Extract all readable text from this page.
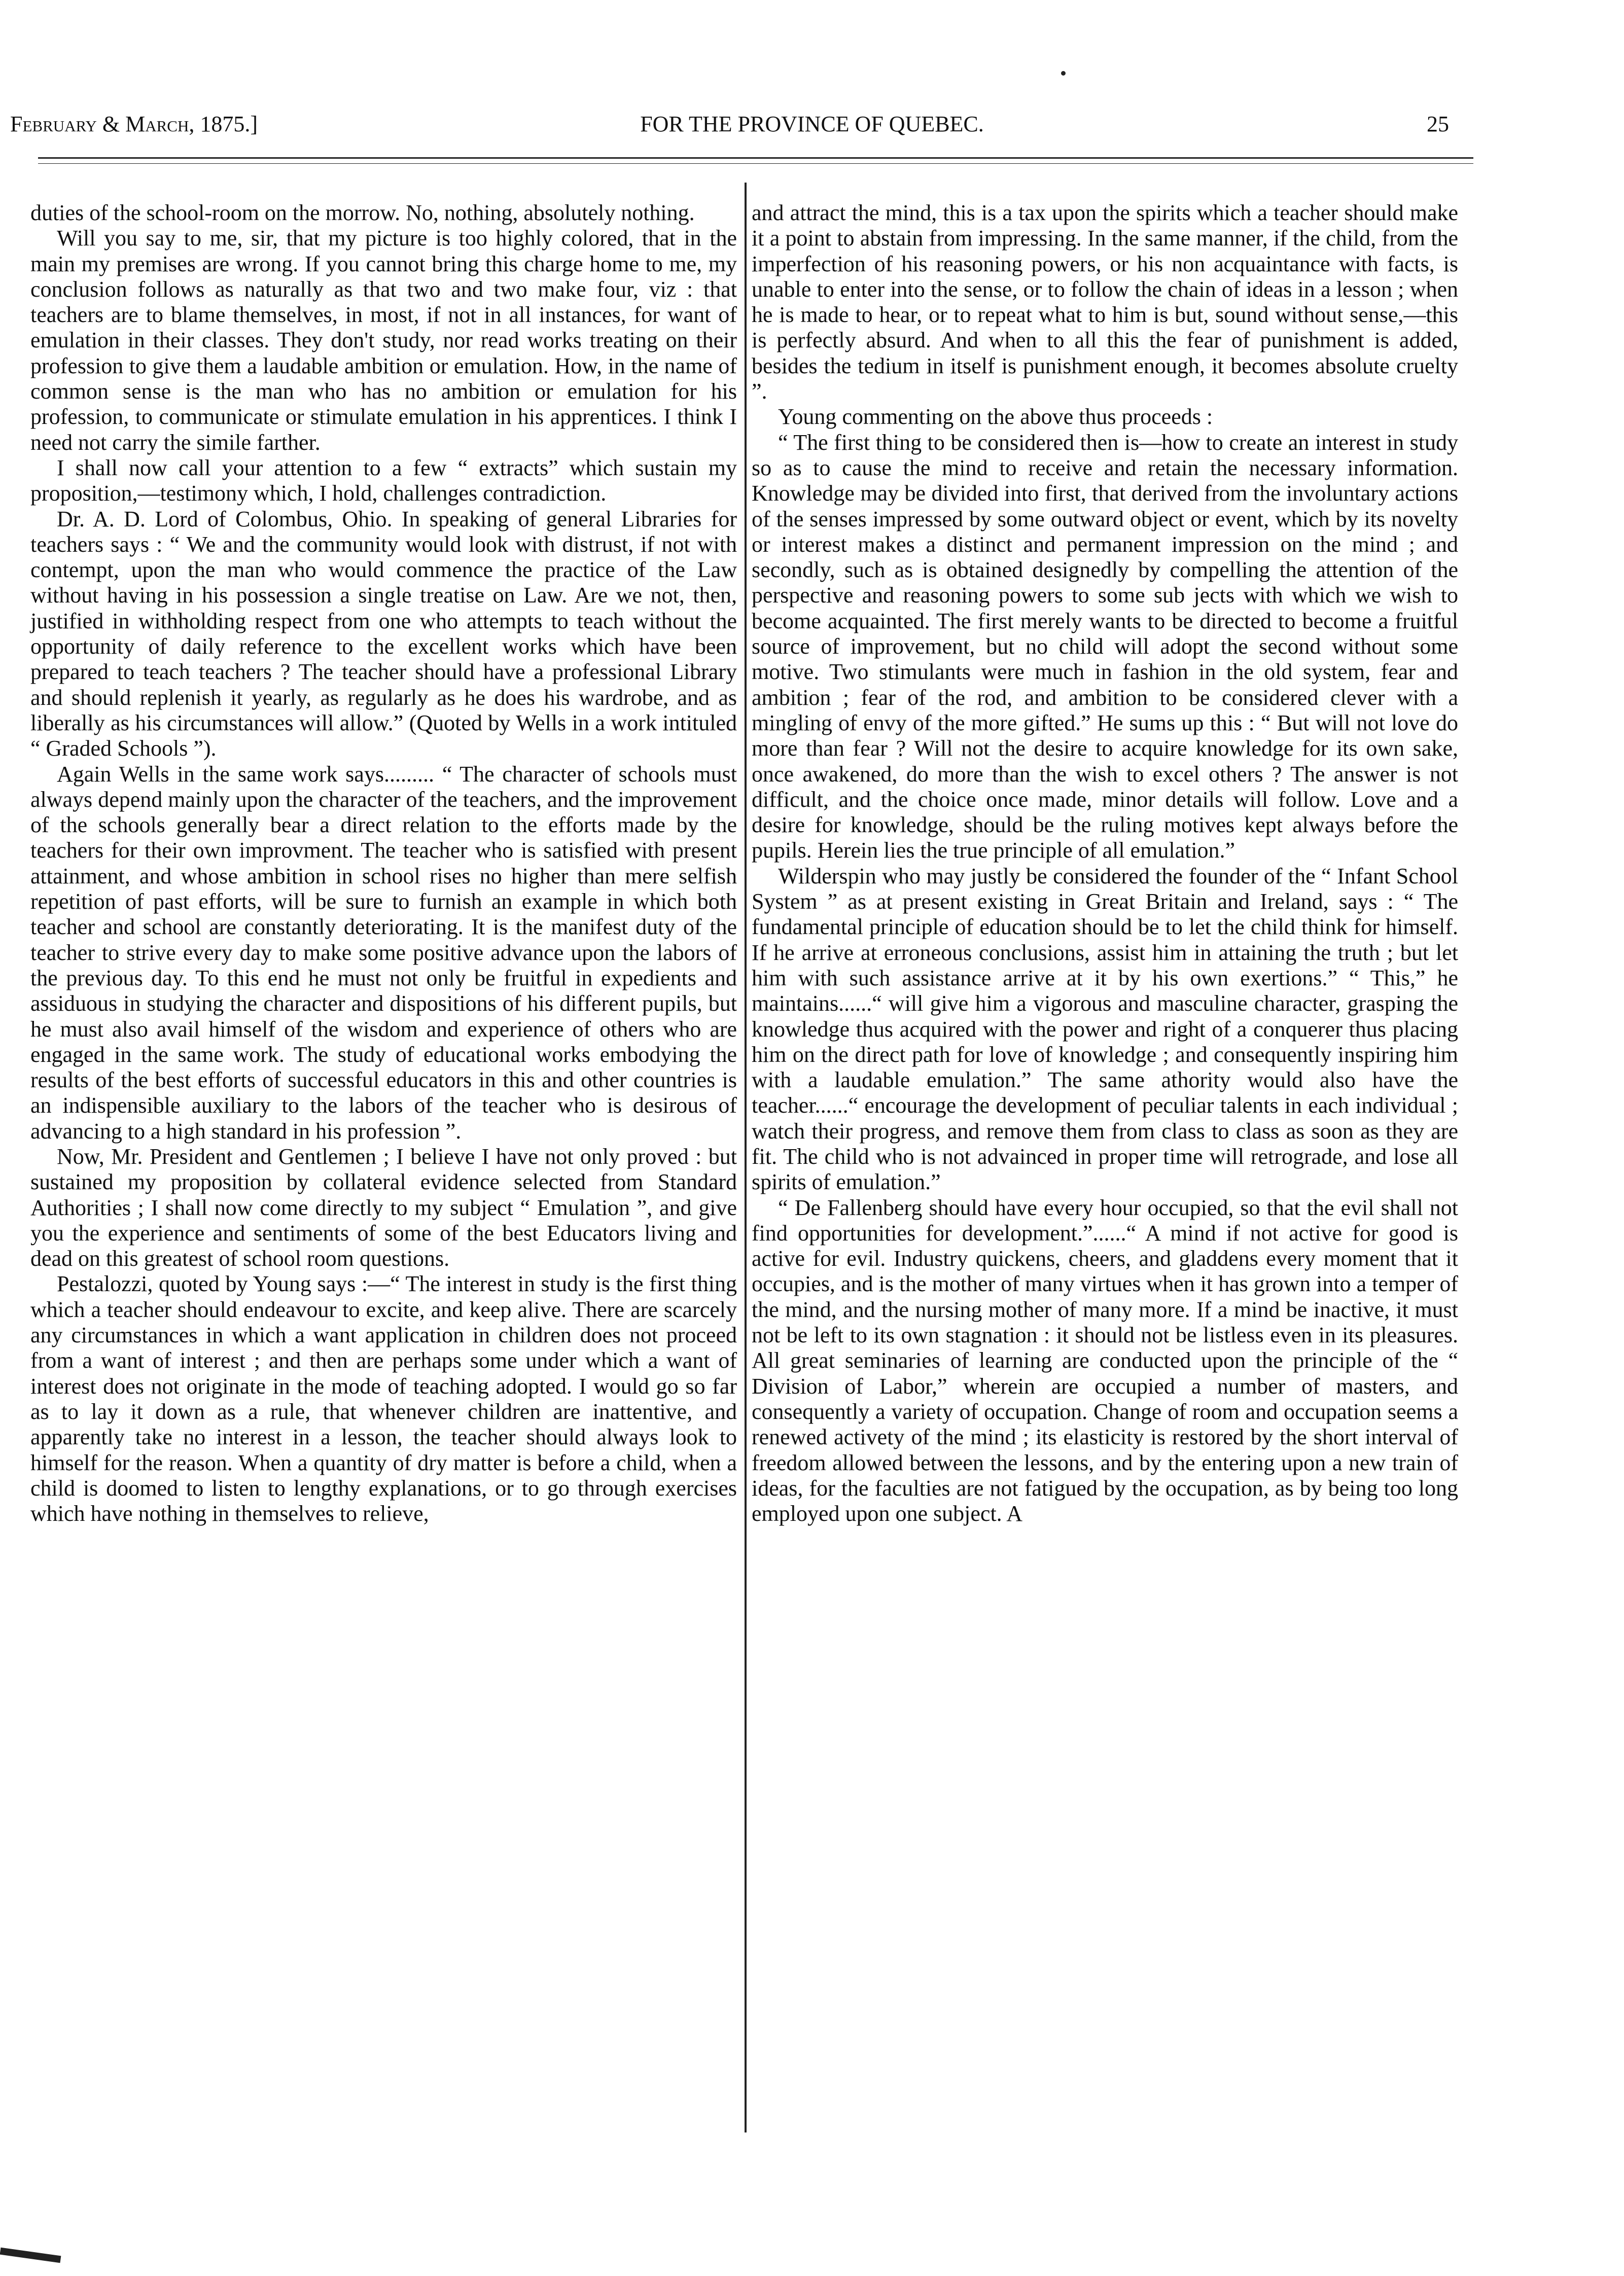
February & March, 1875.]	FOR THE PROVINCE OF QUEBEC.	25

duties of the school-room on the morrow. No, nothing, absolutely nothing.

Will you say to me, sir, that my picture is too highly colored, that in the main my premises are wrong. If you cannot bring this charge home to me, my conclusion follows as naturally as that two and two make four, viz : that teachers are to blame themselves, in most, if not in all instances, for want of emulation in their classes. They don't study, nor read works treating on their profession to give them a laudable ambition or emulation. How, in the name of common sense is the man who has no ambition or emulation for his profession, to communicate or stimulate emulation in his apprentices. I think I need not carry the simile farther.

I shall now call your attention to a few “ extracts” which sustain my proposition,—testimony which, I hold, challenges contradiction.

Dr. A. D. Lord of Colombus, Ohio. In speaking of general Libraries for teachers says : “ We and the community would look with distrust, if not with contempt, upon the man who would commence the practice of the Law without having in his possession a single treatise on Law. Are we not, then, justified in withholding respect from one who attempts to teach without the opportunity of daily reference to the excellent works which have been prepared to teach teachers ? The teacher should have a professional Library and should replenish it yearly, as regularly as he does his wardrobe, and as liberally as his circumstances will allow.” (Quoted by Wells in a work intituled “ Graded Schools ”).

Again Wells in the same work says......... “ The character of schools must always depend mainly upon the character of the teachers, and the improvement of the schools generally bear a direct relation to the efforts made by the teachers for their own improvment. The teacher who is satisfied with present attainment, and whose ambition in school rises no higher than mere selfish repetition of past efforts, will be sure to furnish an example in which both teacher and school are constantly deteriorating. It is the manifest duty of the teacher to strive every day to make some positive advance upon the labors of the previous day. To this end he must not only be fruitful in expedients and assiduous in studying the character and dispositions of his different pupils, but he must also avail himself of the wisdom and experience of others who are engaged in the same work. The study of educational works embodying the results of the best efforts of successful educators in this and other countries is an indispensible auxiliary to the labors of the teacher who is desirous of advancing to a high standard in his profession ”.

Now, Mr. President and Gentlemen ; I believe I have not only proved : but sustained my proposition by collateral evidence selected from Standard Authorities ; I shall now come directly to my subject “ Emulation ”, and give you the experience and sentiments of some of the best Educators living and dead on this greatest of school room questions.

Pestalozzi, quoted by Young says :—“ The interest in study is the first thing which a teacher should endeavour to excite, and keep alive. There are scarcely any circumstances in which a want application in children does not proceed from a want of interest ; and then are perhaps some under which a want of interest does not originate in the mode of teaching adopted. I would go so far as to lay it down as a rule, that whenever children are inattentive, and apparently take no interest in a lesson, the teacher should always look to himself for the reason. When a quantity of dry matter is before a child, when a child is doomed to listen to lengthy explanations, or to go through exercises which have nothing in themselves to relieve,

and attract the mind, this is a tax upon the spirits which a teacher should make it a point to abstain from impressing. In the same manner, if the child, from the imperfection of his reasoning powers, or his non acquaintance with facts, is unable to enter into the sense, or to follow the chain of ideas in a lesson ; when he is made to hear, or to repeat what to him is but, sound without sense,—this is perfectly absurd. And when to all this the fear of punishment is added, besides the tedium in itself is punishment enough, it becomes absolute cruelty ”.

Young commenting on the above thus proceeds :

“ The first thing to be considered then is—how to create an interest in study so as to cause the mind to receive and retain the necessary information. Knowledge may be divided into first, that derived from the involuntary actions of the senses impressed by some outward object or event, which by its novelty or interest makes a distinct and permanent impression on the mind ; and secondly, such as is obtained designedly by compelling the attention of the perspective and reasoning powers to some sub jects with which we wish to become acquainted. The first merely wants to be directed to become a fruitful source of improvement, but no child will adopt the second without some motive. Two stimulants were much in fashion in the old system, fear and ambition ; fear of the rod, and ambition to be considered clever with a mingling of envy of the more gifted.” He sums up this : “ But will not love do more than fear ? Will not the desire to acquire knowledge for its own sake, once awakened, do more than the wish to excel others ? The answer is not difficult, and the choice once made, minor details will follow. Love and a desire for knowledge, should be the ruling motives kept always before the pupils. Herein lies the true principle of all emulation.”

Wilderspin who may justly be considered the founder of the “ Infant School System ” as at present existing in Great Britain and Ireland, says : “ The fundamental principle of education should be to let the child think for himself. If he arrive at erroneous conclusions, assist him in attaining the truth ; but let him with such assistance arrive at it by his own exertions.” “ This,” he maintains......“ will give him a vigorous and masculine character, grasping the knowledge thus acquired with the power and right of a conquerer thus placing him on the direct path for love of knowledge ; and consequently inspiring him with a laudable emulation.” The same athority would also have the teacher......“ encourage the development of peculiar talents in each individual ; watch their progress, and remove them from class to class as soon as they are fit. The child who is not advainced in proper time will retrograde, and lose all spirits of emulation.”

“ De Fallenberg should have every hour occupied, so that the evil shall not find opportunities for development.”......“ A mind if not active for good is active for evil. Industry quickens, cheers, and gladdens every moment that it occupies, and is the mother of many virtues when it has grown into a temper of the mind, and the nursing mother of many more. If a mind be inactive, it must not be left to its own stagnation : it should not be listless even in its pleasures. All great seminaries of learning are conducted upon the principle of the “ Division of Labor,” wherein are occupied a number of masters, and consequently a variety of occupation. Change of room and occupation seems a renewed activety of the mind ; its elasticity is restored by the short interval of freedom allowed between the lessons, and by the entering upon a new train of ideas, for the faculties are not fatigued by the occupation, as by being too long employed upon one subject. A
